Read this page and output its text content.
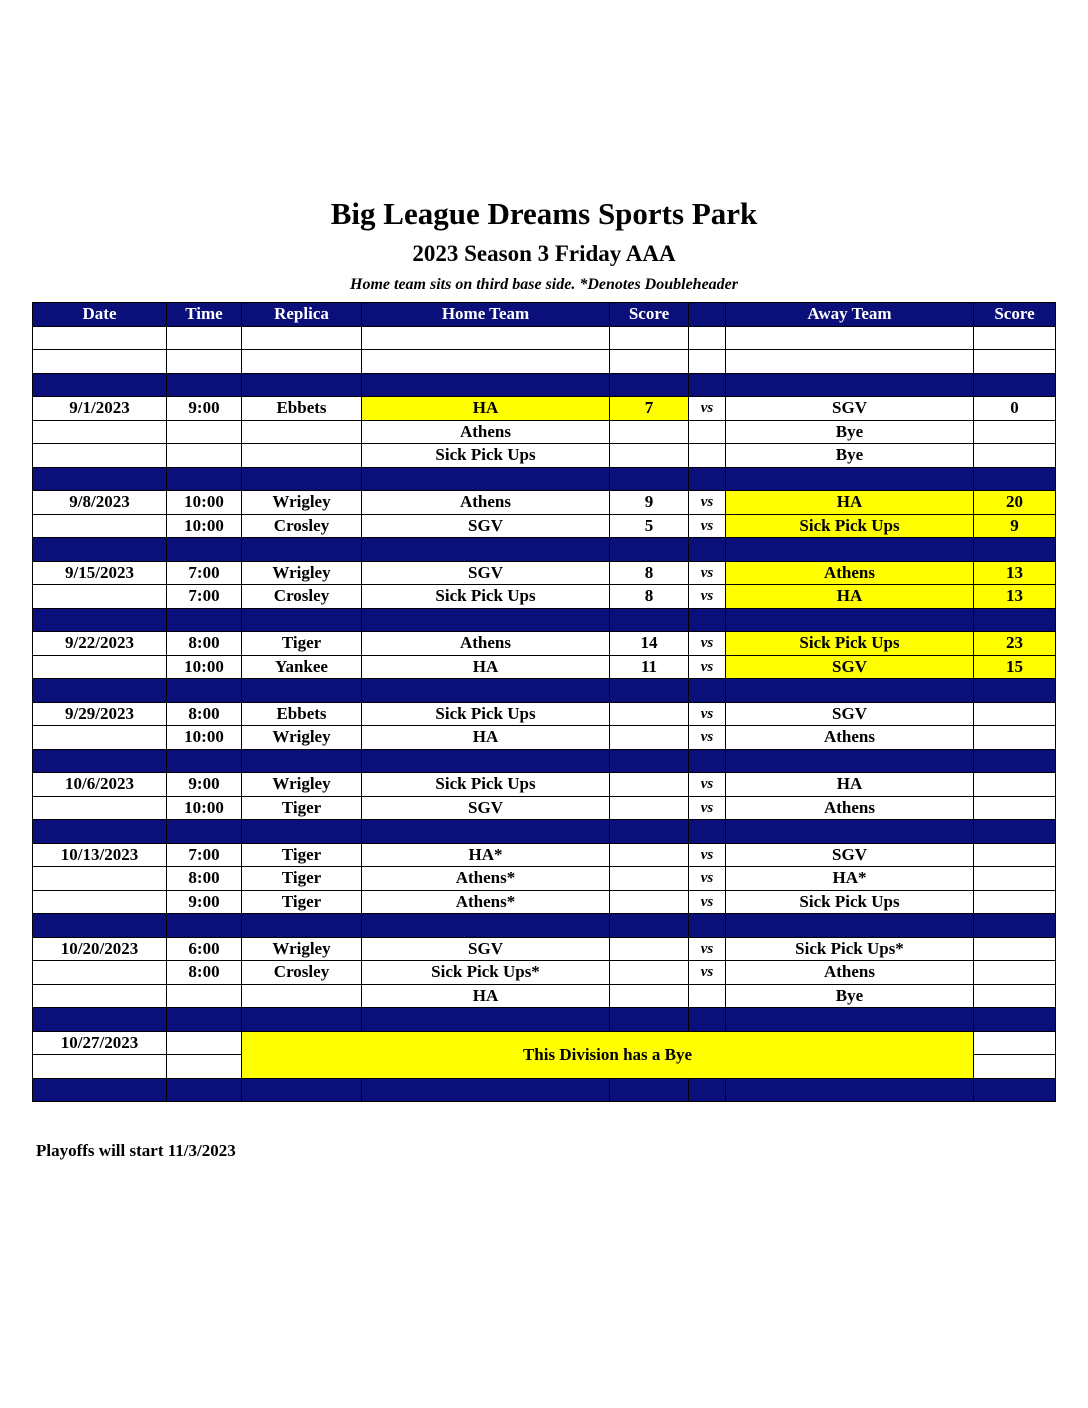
Big League Dreams Sports Park
2023 Season 3 Friday AAA
Home team sits on third base side. *Denotes Doubleheader
Date	Time	Replica	Home Team	Score		Away Team	Score

9/1/2023	9:00	Ebbets	HA	7	vs	SGV	0
			Athens			Bye	
			Sick Pick Ups			Bye	

9/8/2023	10:00	Wrigley	Athens	9	vs	HA	20
	10:00	Crosley	SGV	5	vs	Sick Pick Ups	9

9/15/2023	7:00	Wrigley	SGV	8	vs	Athens	13
	7:00	Crosley	Sick Pick Ups	8	vs	HA	13

9/22/2023	8:00	Tiger	Athens	14	vs	Sick Pick Ups	23
	10:00	Yankee	HA	11	vs	SGV	15

9/29/2023	8:00	Ebbets	Sick Pick Ups		vs	SGV	
	10:00	Wrigley	HA		vs	Athens	

10/6/2023	9:00	Wrigley	Sick Pick Ups		vs	HA	
	10:00	Tiger	SGV		vs	Athens	

10/13/2023	7:00	Tiger	HA*		vs	SGV	
	8:00	Tiger	Athens*		vs	HA*	
	9:00	Tiger	Athens*		vs	Sick Pick Ups	

10/20/2023	6:00	Wrigley	SGV		vs	Sick Pick Ups*	
	8:00	Crosley	Sick Pick Ups*		vs	Athens	
			HA			Bye	

10/27/2023		This Division has a Bye					

Playoffs will start 11/3/2023
